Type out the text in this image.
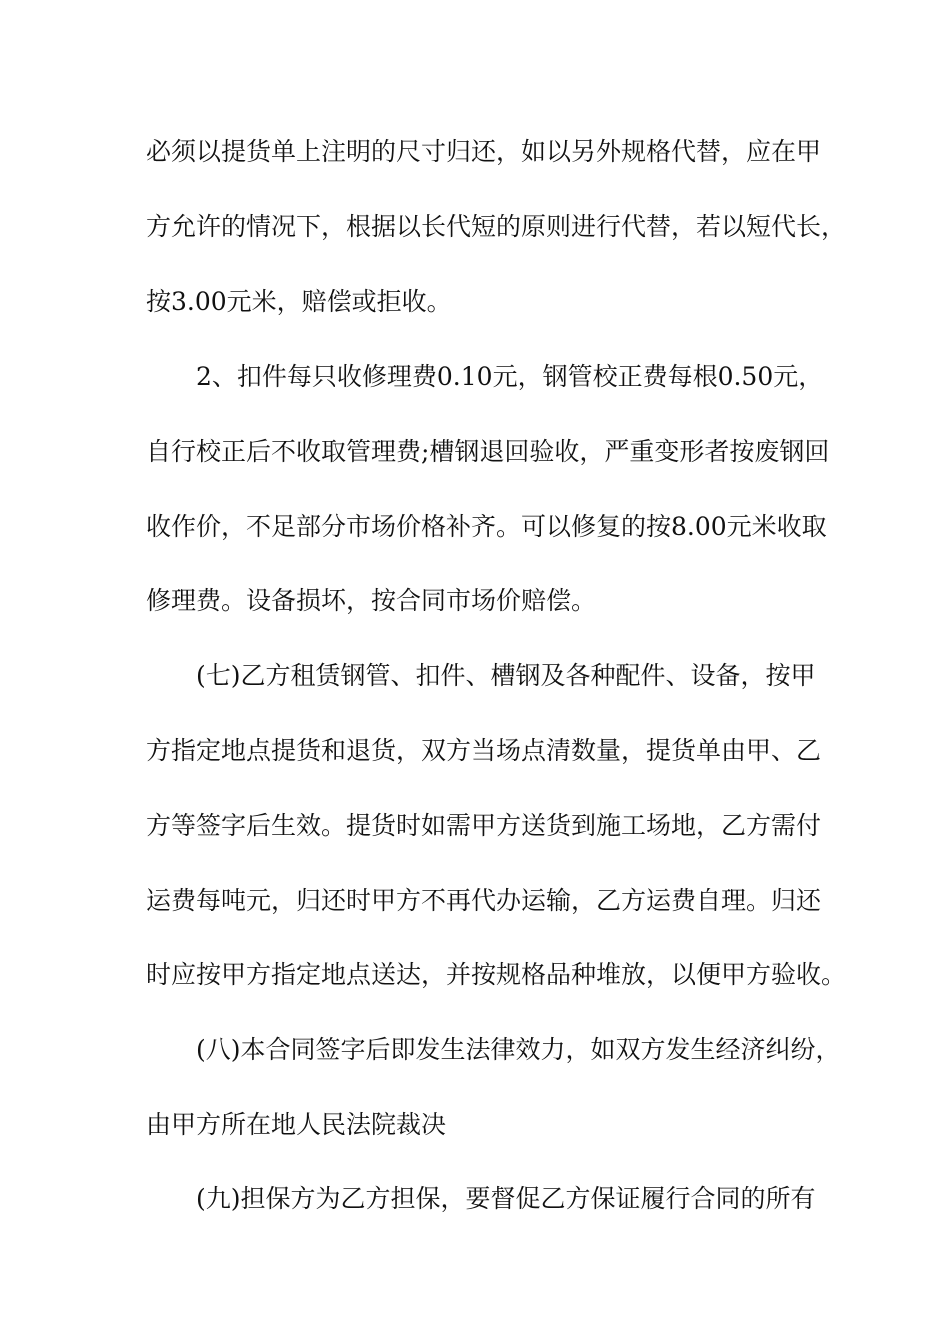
必须以提货单上注明的尺寸归还，如以另外规格代替，应在甲
方允许的情况下，根据以长代短的原则进行代替，若以短代长，
按3.00元米，赔偿或拒收。
2、扣件每只收修理费0.10元，钢管校正费每根0.50元，
自行校正后不收取管理费;槽钢退回验收，严重变形者按废钢回
收作价，不足部分市场价格补齐。可以修复的按8.00元米收取
修理费。设备损坏，按合同市场价赔偿。
(七)乙方租赁钢管、扣件、槽钢及各种配件、设备，按甲
方指定地点提货和退货，双方当场点清数量，提货单由甲、乙
方等签字后生效。提货时如需甲方送货到施工场地，乙方需付
运费每吨元，归还时甲方不再代办运输，乙方运费自理。归还
时应按甲方指定地点送达，并按规格品种堆放，以便甲方验收。
(八)本合同签字后即发生法律效力，如双方发生经济纠纷，
由甲方所在地人民法院裁决
(九)担保方为乙方担保，要督促乙方保证履行合同的所有
